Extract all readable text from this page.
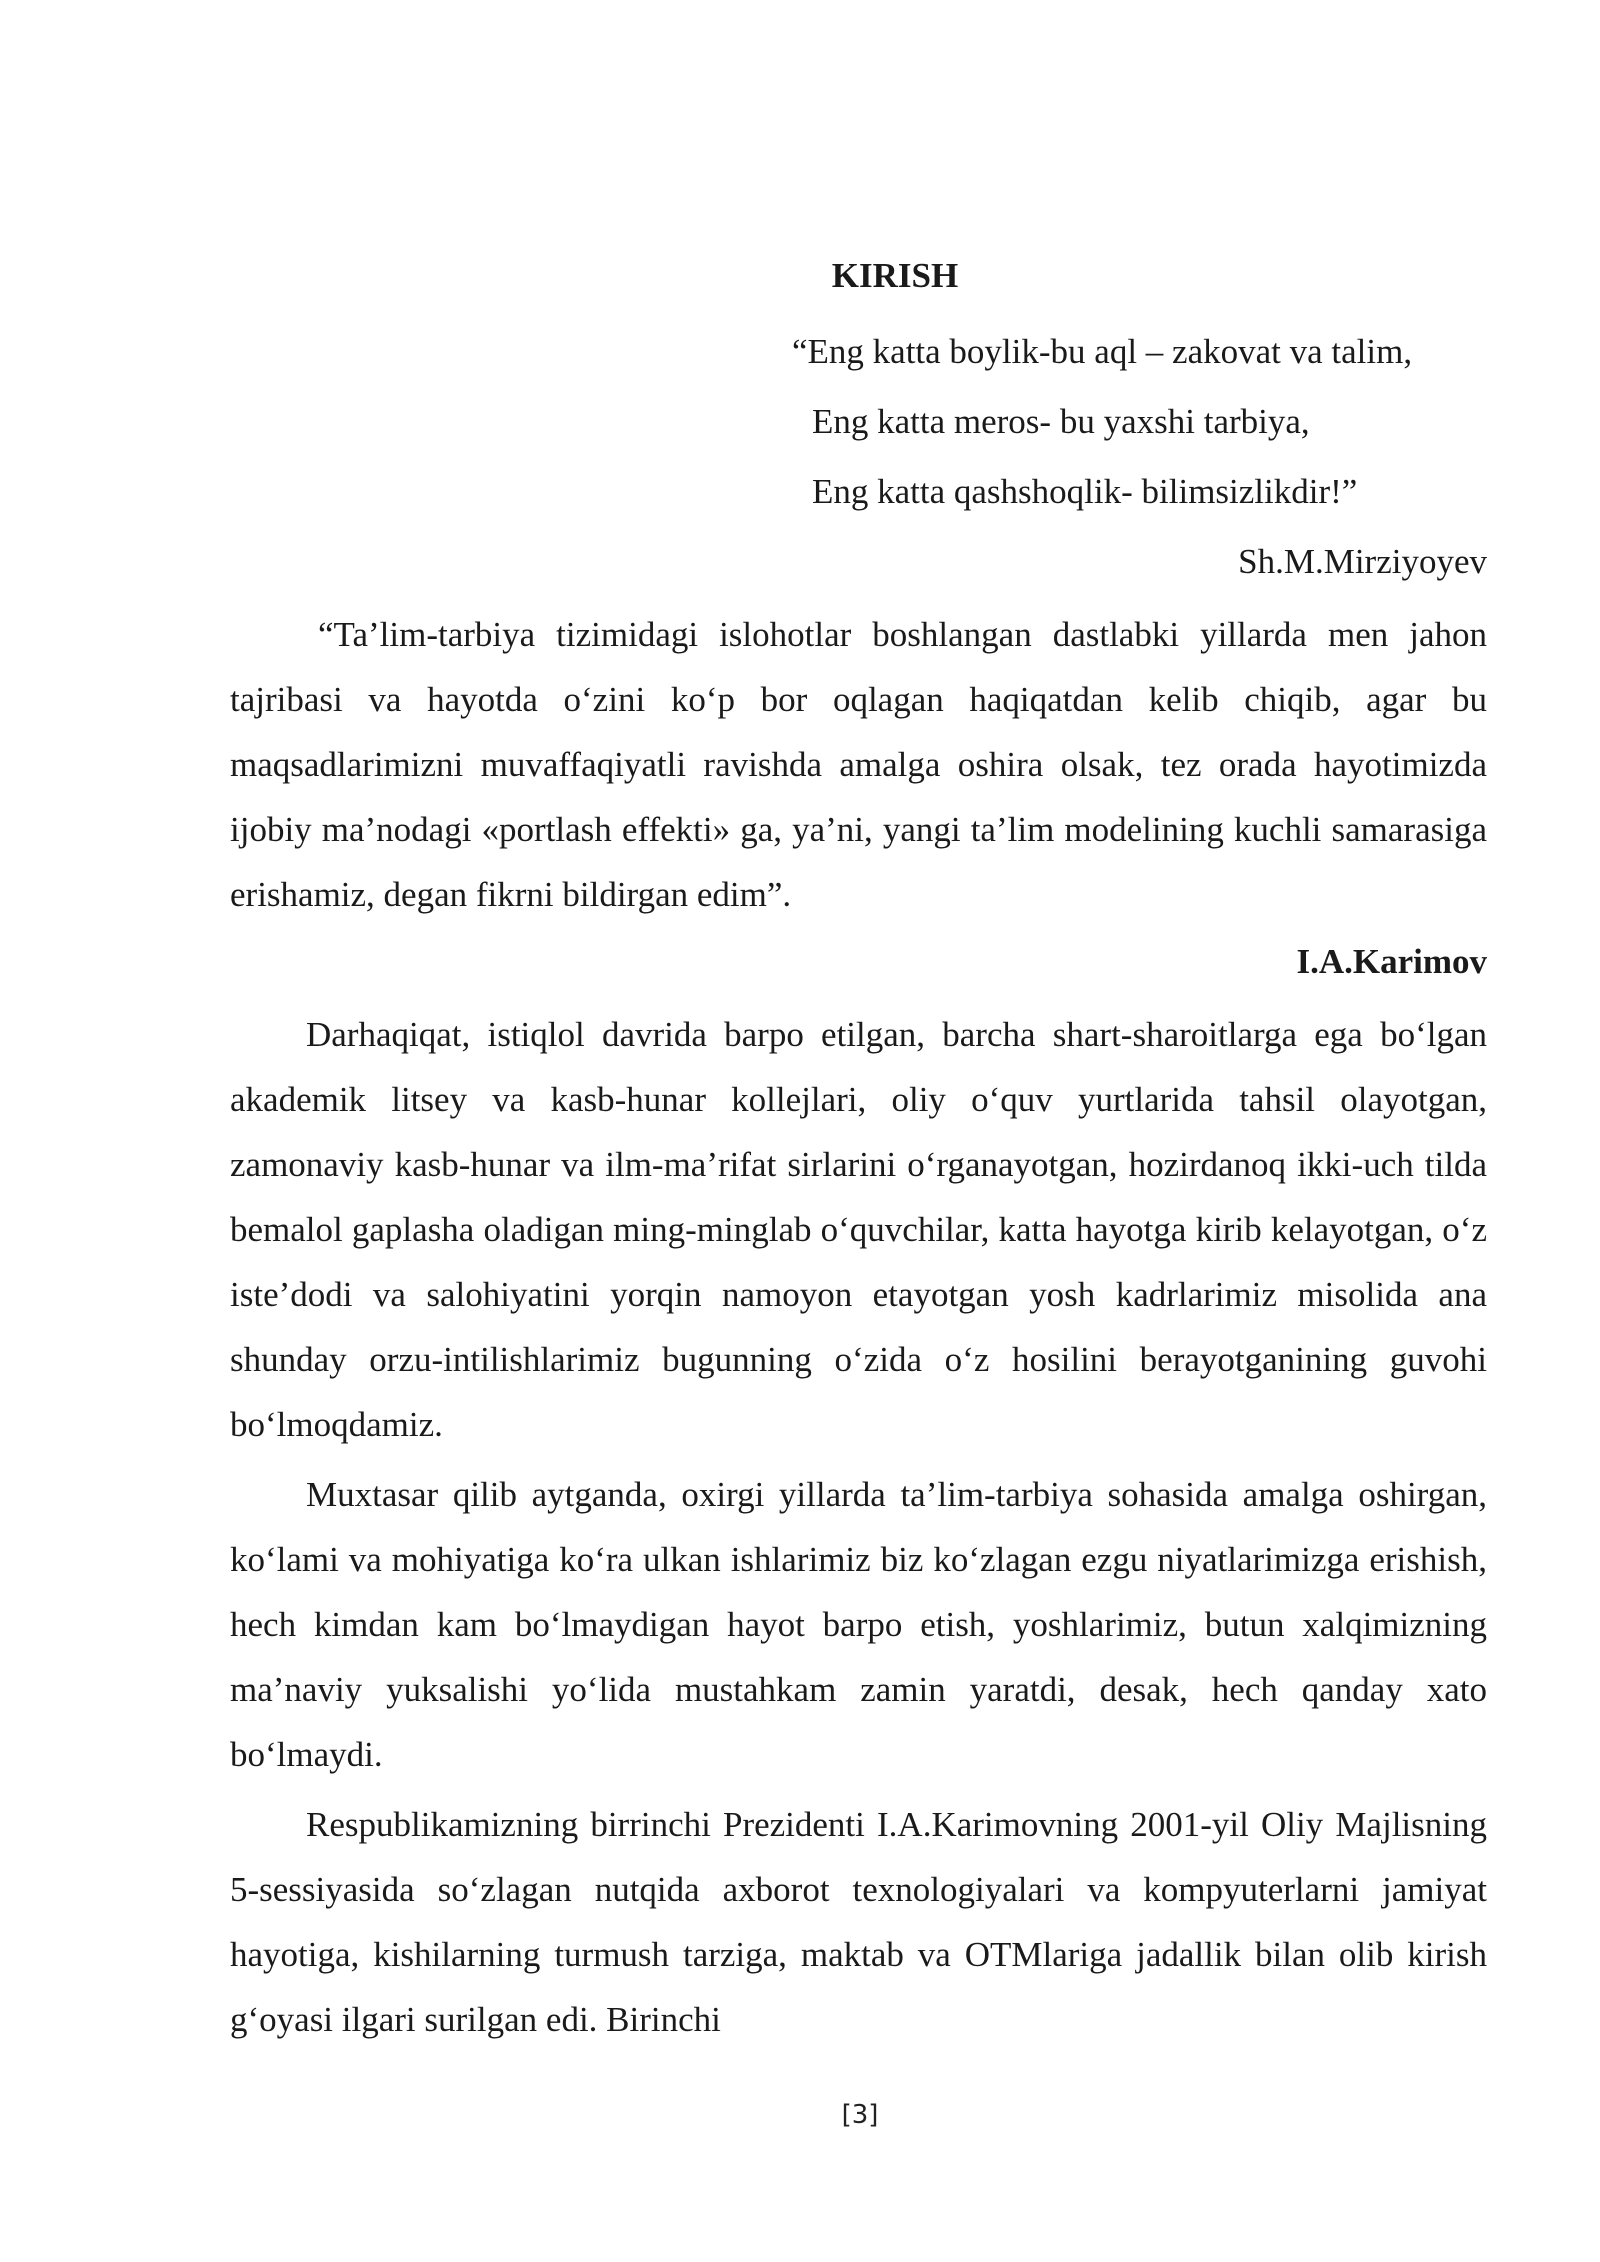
KIRISH
“Eng katta boylik-bu aql – zakovat va talim,
Eng katta meros- bu yaxshi tarbiya,
Eng katta qashshoqlik- bilimsizlikdir!”
Sh.M.Mirziyoyev

“Ta’lim-tarbiya tizimidagi islohotlar boshlangan dastlabki yillarda men jahon tajribasi va hayotda o‘zini ko‘p bor oqlagan haqiqatdan kelib chiqib, agar bu maqsadlarimizni muvaffaqiyatli ravishda amalga oshira olsak, tez orada hayotimizda ijobiy ma’nodagi «portlash effekti» ga, ya’ni, yangi ta’lim modelining kuchli samarasiga erishamiz, degan fikrni bildirgan edim”.

I.A.Karimov

Darhaqiqat, istiqlol davrida barpo etilgan, barcha shart-sharoitlarga ega bo‘lgan akademik litsey va kasb-hunar kollejlari, oliy o‘quv yurtlarida tahsil olayotgan, zamonaviy kasb-hunar va ilm-ma’rifat sirlarini o‘rganayotgan, hozirdanoq ikki-uch tilda bemalol gaplasha oladigan ming-minglab o‘quvchilar, katta hayotga kirib kelayotgan, o‘z iste’dodi va salohiyatini yorqin namoyon etayotgan yosh kadrlarimiz misolida ana shunday orzu-intilishlarimiz bugunning o‘zida o‘z hosilini berayotganining guvohi bo‘lmoqdamiz.

Muxtasar qilib aytganda, oxirgi yillarda ta’lim-tarbiya sohasida amalga oshirgan, ko‘lami va mohiyatiga ko‘ra ulkan ishlarimiz biz ko‘zlagan ezgu niyatlarimizga erishish, hech kimdan kam bo‘lmaydigan hayot barpo etish, yoshlarimiz, butun xalqimizning ma’naviy yuksalishi yo‘lida mustahkam zamin yaratdi, desak, hech qanday xato bo‘lmaydi.

Respublikamizning birrinchi Prezidenti I.A.Karimovning 2001-yil Oliy Majlisning 5-sessiyasida so‘zlagan nutqida axborot texnologiyalari va kompyuterlarni jamiyat hayotiga, kishilarning turmush tarziga, maktab va OTMlariga jadallik bilan olib kirish g‘oyasi ilgari surilgan edi. Birinchi

[3]
